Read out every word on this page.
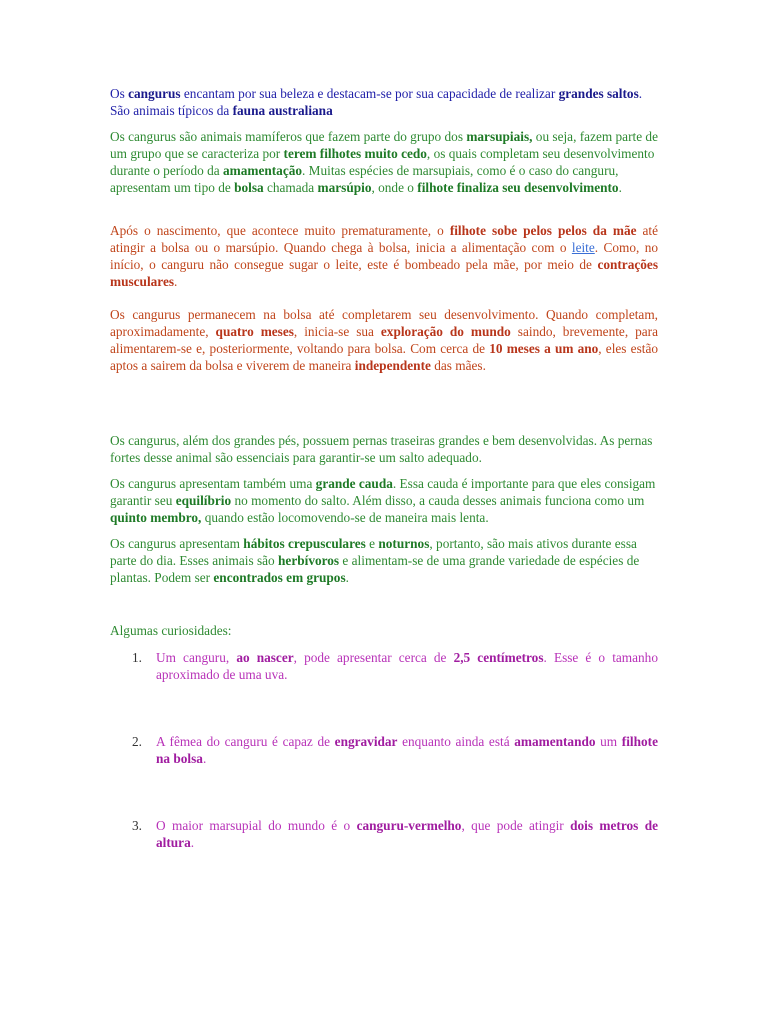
Os cangurus encantam por sua beleza e destacam-se por sua capacidade de realizar grandes saltos. São animais típicos da fauna australiana

Os cangurus são animais mamíferos que fazem parte do grupo dos marsupiais, ou seja, fazem parte de um grupo que se caracteriza por terem filhotes muito cedo, os quais completam seu desenvolvimento durante o período da amamentação. Muitas espécies de marsupiais, como é o caso do canguru, apresentam um tipo de bolsa chamada marsúpio, onde o filhote finaliza seu desenvolvimento.

Após o nascimento, que acontece muito prematuramente, o filhote sobe pelos pelos da mãe até atingir a bolsa ou o marsúpio. Quando chega à bolsa, inicia a alimentação com o leite. Como, no início, o canguru não consegue sugar o leite, este é bombeado pela mãe, por meio de contrações musculares.

Os cangurus permanecem na bolsa até completarem seu desenvolvimento. Quando completam, aproximadamente, quatro meses, inicia-se sua exploração do mundo saindo, brevemente, para alimentarem-se e, posteriormente, voltando para bolsa. Com cerca de 10 meses a um ano, eles estão aptos a sairem da bolsa e viverem de maneira independente das mães.

Os cangurus, além dos grandes pés, possuem pernas traseiras grandes e bem desenvolvidas. As pernas fortes desse animal são essenciais para garantir-se um salto adequado.

Os cangurus apresentam também uma grande cauda. Essa cauda é importante para que eles consigam garantir seu equilíbrio no momento do salto. Além disso, a cauda desses animais funciona como um quinto membro, quando estão locomovendo-se de maneira mais lenta.

Os cangurus apresentam hábitos crepusculares e noturnos, portanto, são mais ativos durante essa parte do dia. Esses animais são herbívoros e alimentam-se de uma grande variedade de espécies de plantas. Podem ser encontrados em grupos.

Algumas curiosidades:

1. Um canguru, ao nascer, pode apresentar cerca de 2,5 centímetros. Esse é o tamanho aproximado de uma uva.
2. A fêmea do canguru é capaz de engravidar enquanto ainda está amamentando um filhote na bolsa.
3. O maior marsupial do mundo é o canguru-vermelho, que pode atingir dois metros de altura.
